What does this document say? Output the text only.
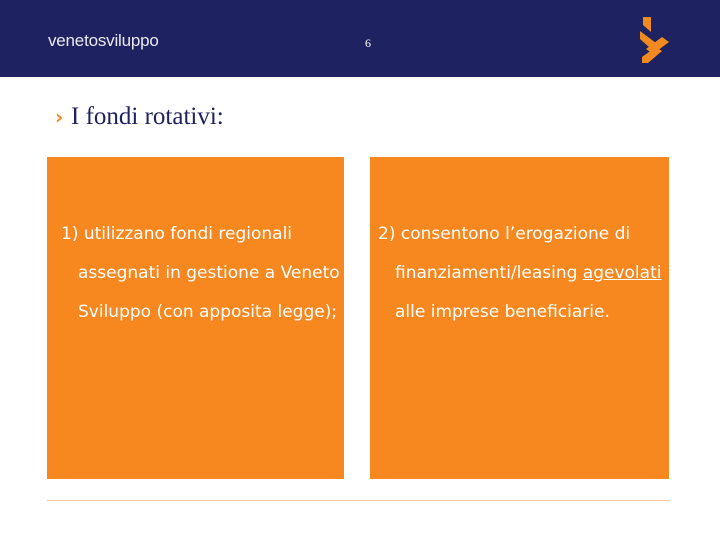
venetosviluppo	6
› I fondi rotativi:
1) utilizzano fondi regionali assegnati in gestione a Veneto Sviluppo (con apposita legge);
2) consentono l’erogazione di finanziamenti/leasing agevolati alle imprese beneficiarie.
